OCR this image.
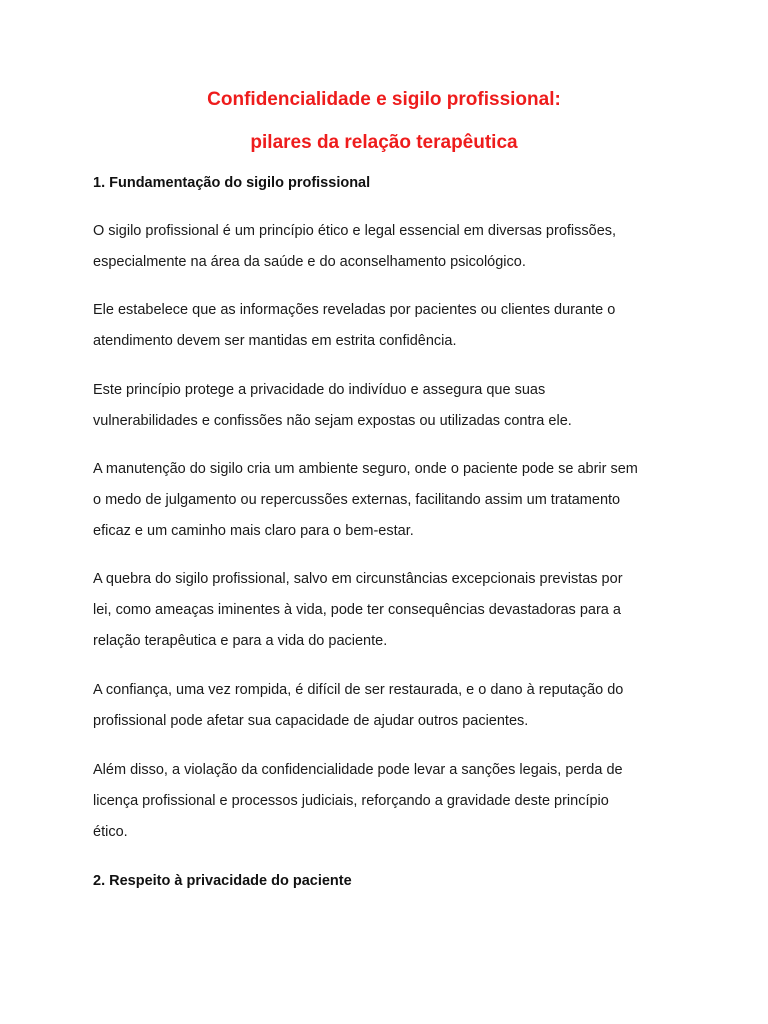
Confidencialidade e sigilo profissional:
pilares da relação terapêutica
1. Fundamentação do sigilo profissional

O sigilo profissional é um princípio ético e legal essencial em diversas profissões,
especialmente na área da saúde e do aconselhamento psicológico.

Ele estabelece que as informações reveladas por pacientes ou clientes durante o
atendimento devem ser mantidas em estrita confidência.

Este princípio protege a privacidade do indivíduo e assegura que suas
vulnerabilidades e confissões não sejam expostas ou utilizadas contra ele.

A manutenção do sigilo cria um ambiente seguro, onde o paciente pode se abrir sem
o medo de julgamento ou repercussões externas, facilitando assim um tratamento
eficaz e um caminho mais claro para o bem-estar.

A quebra do sigilo profissional, salvo em circunstâncias excepcionais previstas por
lei, como ameaças iminentes à vida, pode ter consequências devastadoras para a
relação terapêutica e para a vida do paciente.

A confiança, uma vez rompida, é difícil de ser restaurada, e o dano à reputação do
profissional pode afetar sua capacidade de ajudar outros pacientes.

Além disso, a violação da confidencialidade pode levar a sanções legais, perda de
licença profissional e processos judiciais, reforçando a gravidade deste princípio
ético.

2. Respeito à privacidade do paciente
